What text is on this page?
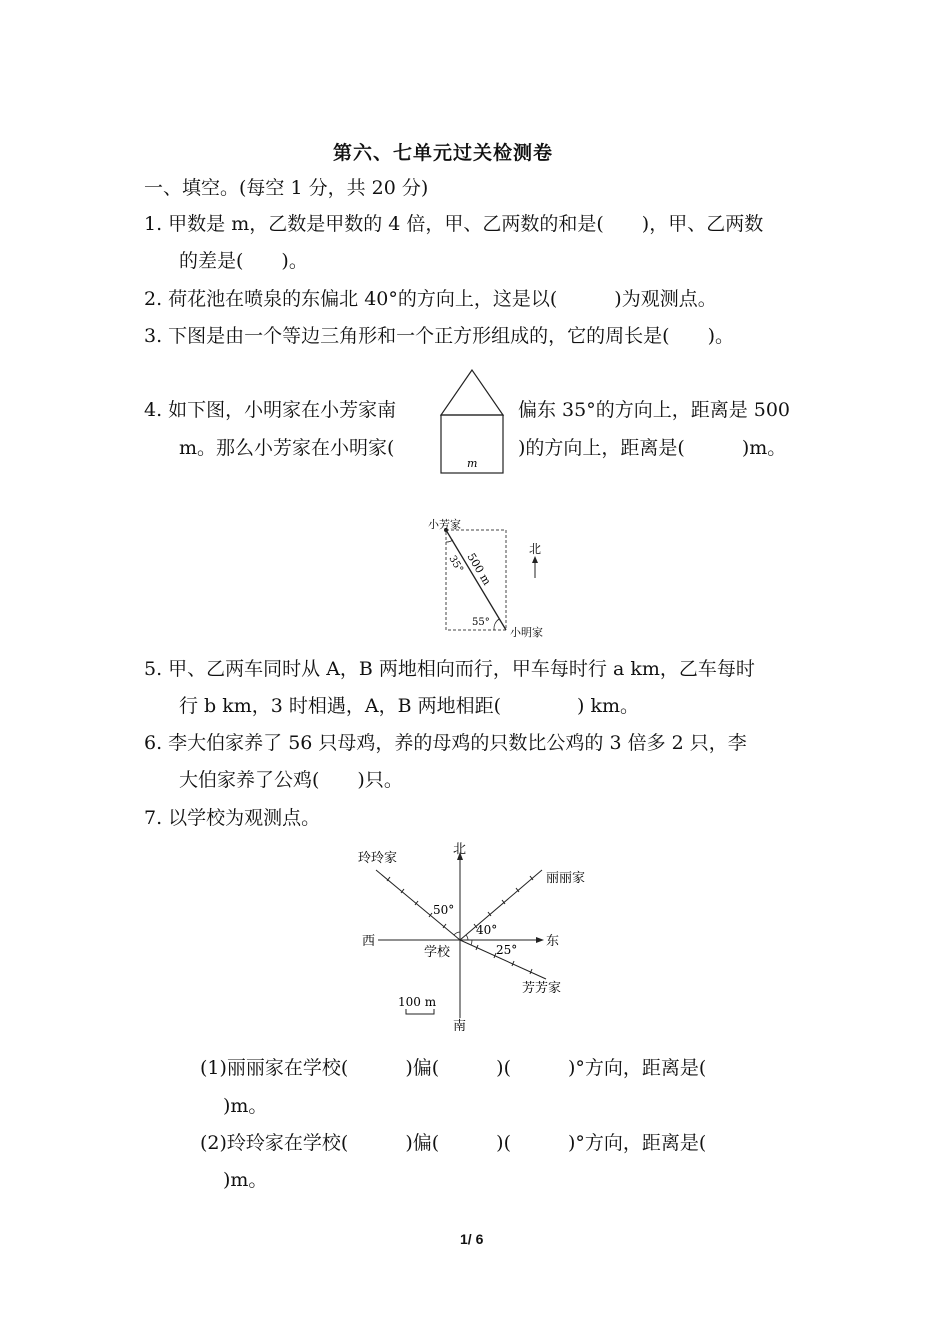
第六、七单元过关检测卷
一、填空。(每空 1 分，共 20 分)
1. 甲数是 m，乙数是甲数的 4 倍，甲、乙两数的和是(　　)，甲、乙两数
的差是(　　)。
2. 荷花池在喷泉的东偏北 40°的方向上，这是以(　　　)为观测点。
3. 下图是由一个等边三角形和一个正方形组成的，它的周长是(　　)。
4. 如下图，小明家在小芳家南	偏东 35°的方向上，距离是 500
m。那么小芳家在小明家(	)的方向上，距离是(　　　)m。
m
小芳家
小明家
北
500 m
35°
55°
5. 甲、乙两车同时从 A，B 两地相向而行，甲车每时行 a km，乙车每时
行 b km，3 时相遇，A，B 两地相距(　　　　) km。
6. 李大伯家养了 56 只母鸡，养的母鸡的只数比公鸡的 3 倍多 2 只，李
大伯家养了公鸡(　　)只。
7. 以学校为观测点。
北
南
东
西
学校
玲玲家
丽丽家
芳芳家
50°
40°
25°
100 m
(1)丽丽家在学校(　　　)偏(　　　)(　　　)°方向，距离是(
)m。
(2)玲玲家在学校(　　　)偏(　　　)(　　　)°方向，距离是(
)m。
1/ 6
